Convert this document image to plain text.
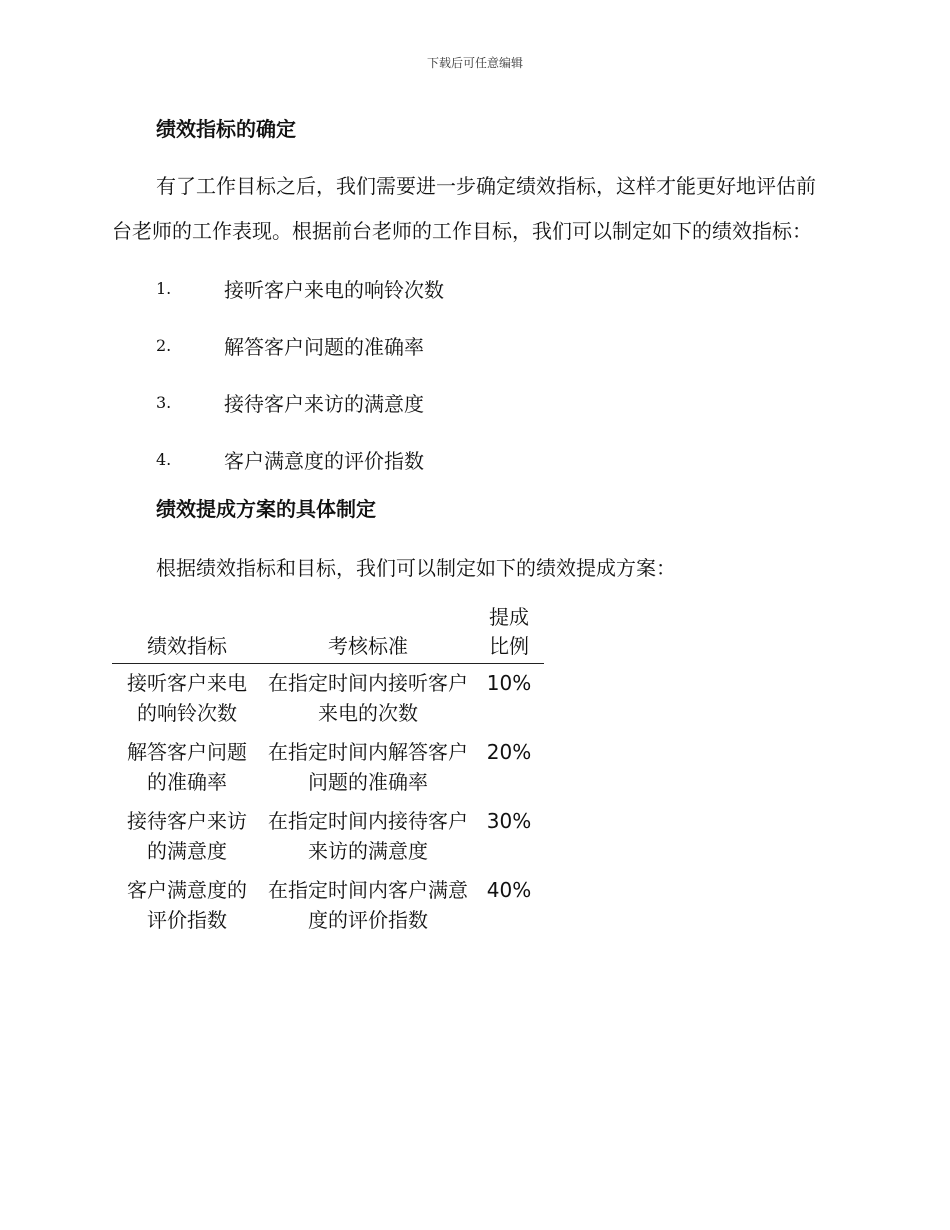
下载后可任意编辑
绩效指标的确定

有了工作目标之后，我们需要进一步确定绩效指标，这样才能更好地评估前台老师的工作表现。根据前台老师的工作目标，我们可以制定如下的绩效指标：

1.	接听客户来电的响铃次数
2.	解答客户问题的准确率
3.	接待客户来访的满意度
4.	客户满意度的评价指数
绩效提成方案的具体制定

根据绩效指标和目标，我们可以制定如下的绩效提成方案：

绩效指标	考核标准	提成比例

接听客户来电的响铃次数	在指定时间内接听客户来电的次数	10%

解答客户问题的准确率	在指定时间内解答客户问题的准确率	20%

接待客户来访的满意度	在指定时间内接待客户来访的满意度	30%

客户满意度的评价指数	在指定时间内客户满意度的评价指数	40%
